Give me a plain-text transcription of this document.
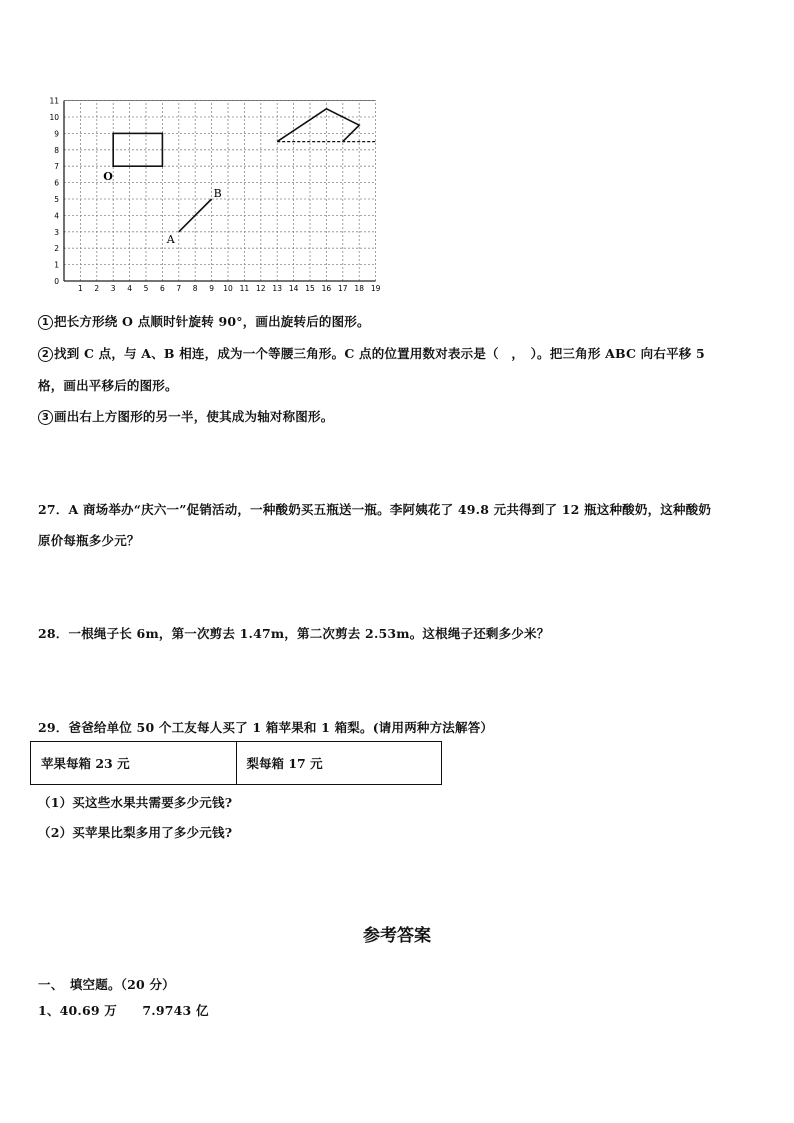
1 2 3 4 5 6 7 8 9 10 11 12 13 14 15 16 17 18 19
0
1
2
3
4
5
6
7
8
9
10
11
O
A
B
1 把长方形绕 O 点顺时针旋转 90°，画出旋转后的图形。
2 找到 C 点，与 A、B 相连，成为一个等腰三角形。C 点的位置用数对表示是（　，　）。把三角形 ABC 向右平移 5
格，画出平移后的图形。
3 画出右上方图形的另一半，使其成为轴对称图形。
27．A 商场举办“庆六一”促销活动，一种酸奶买五瓶送一瓶。李阿姨花了 49.8 元共得到了 12 瓶这种酸奶，这种酸奶
原价每瓶多少元？
28．一根绳子长 6m，第一次剪去 1.47m，第二次剪去 2.53m。这根绳子还剩多少米？
29．爸爸给单位 50 个工友每人买了 1 箱苹果和 1 箱梨。(请用两种方法解答）
苹果每箱 23 元	梨每箱 17 元
（1）买这些水果共需要多少元钱?
（2）买苹果比梨多用了多少元钱?
参考答案
一、　填空题。（20 分）
1、40.69 万　　7.9743 亿
